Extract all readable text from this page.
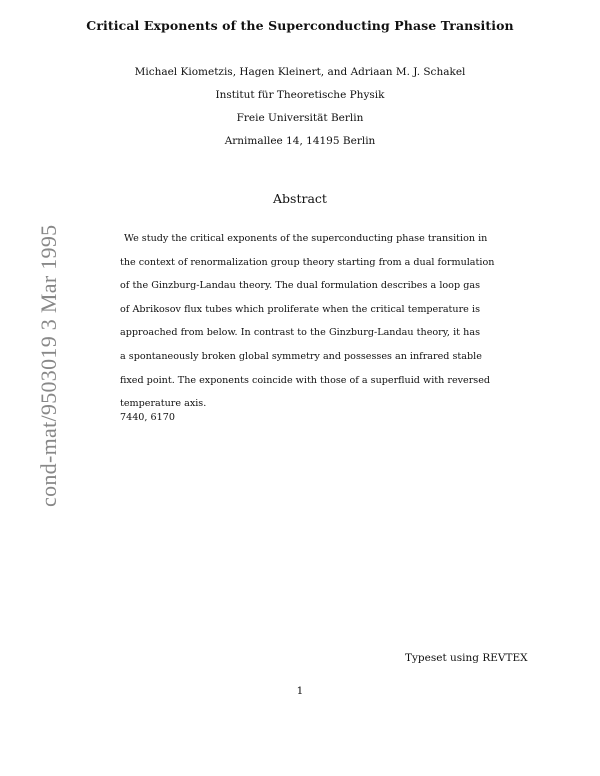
Critical Exponents of the Superconducting Phase Transition
Michael Kiometzis, Hagen Kleinert, and Adriaan M. J. Schakel
Institut für Theoretische Physik
Freie Universität Berlin
Arnimallee 14, 14195 Berlin
Abstract
We study the critical exponents of the superconducting phase transition in
the context of renormalization group theory starting from a dual formulation
of the Ginzburg-Landau theory. The dual formulation describes a loop gas
of Abrikosov flux tubes which proliferate when the critical temperature is
approached from below. In contrast to the Ginzburg-Landau theory, it has
a spontaneously broken global symmetry and possesses an infrared stable
fixed point. The exponents coincide with those of a superfluid with reversed
temperature axis.
7440, 6170
cond-mat/9503019 3 Mar 1995
Typeset using REVTEX
1
